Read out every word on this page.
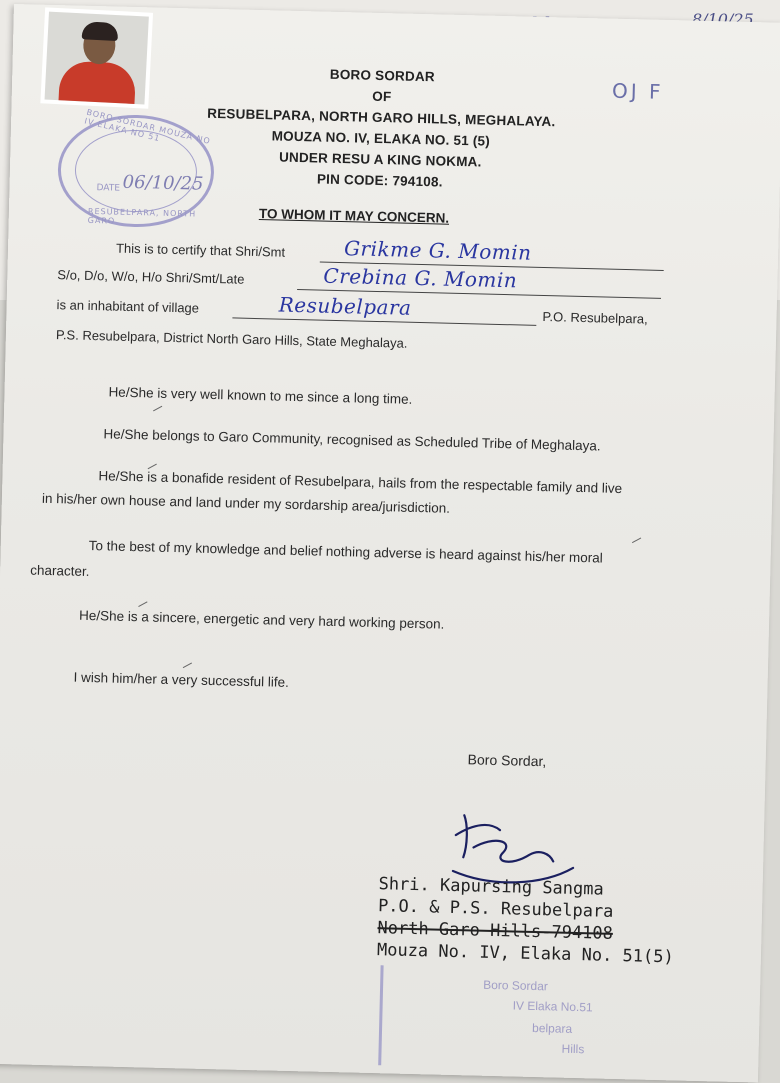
8/10/25
BORO SORDAR
OF
RESUBELPARA, NORTH GARO HILLS, MEGHALAYA.
MOUZA NO. IV, ELAKA NO. 51 (5)
UNDER RESU A KING NOKMA.
PIN CODE: 794108.
OJ F
BORO SORDAR MOUZA NO IV ELAKA NO 51
DATE 06/10/25
RESUBELPARA, NORTH GARO	TO WHOM IT MAY CONCERN.
This is to certify that Shri/Smt	Grikme G. Momin
S/o, D/o, W/o, H/o Shri/Smt/Late	Crebina G. Momin
is an inhabitant of village	Resubelpara	P.O. Resubelpara,
P.S. Resubelpara, District North Garo Hills, State Meghalaya.
He/She is very well known to me since a long time.
He/She belongs to Garo Community, recognised as Scheduled Tribe of Meghalaya.
He/She is a bonafide resident of Resubelpara, hails from the respectable family and live
in his/her own house and land under my sordarship area/jurisdiction.
To the best of my knowledge and belief nothing adverse is heard against his/her moral
character.
He/She is a sincere, energetic and very hard working person.
I wish him/her a very successful life.
Boro Sordar,
Shri. Kapursing Sangma
P.O. & P.S. Resubelpara
North Garo Hills-794108
Mouza No. IV, Elaka No. 51(5)
Boro Sordar
IV Elaka No.51
belpara
Hills
